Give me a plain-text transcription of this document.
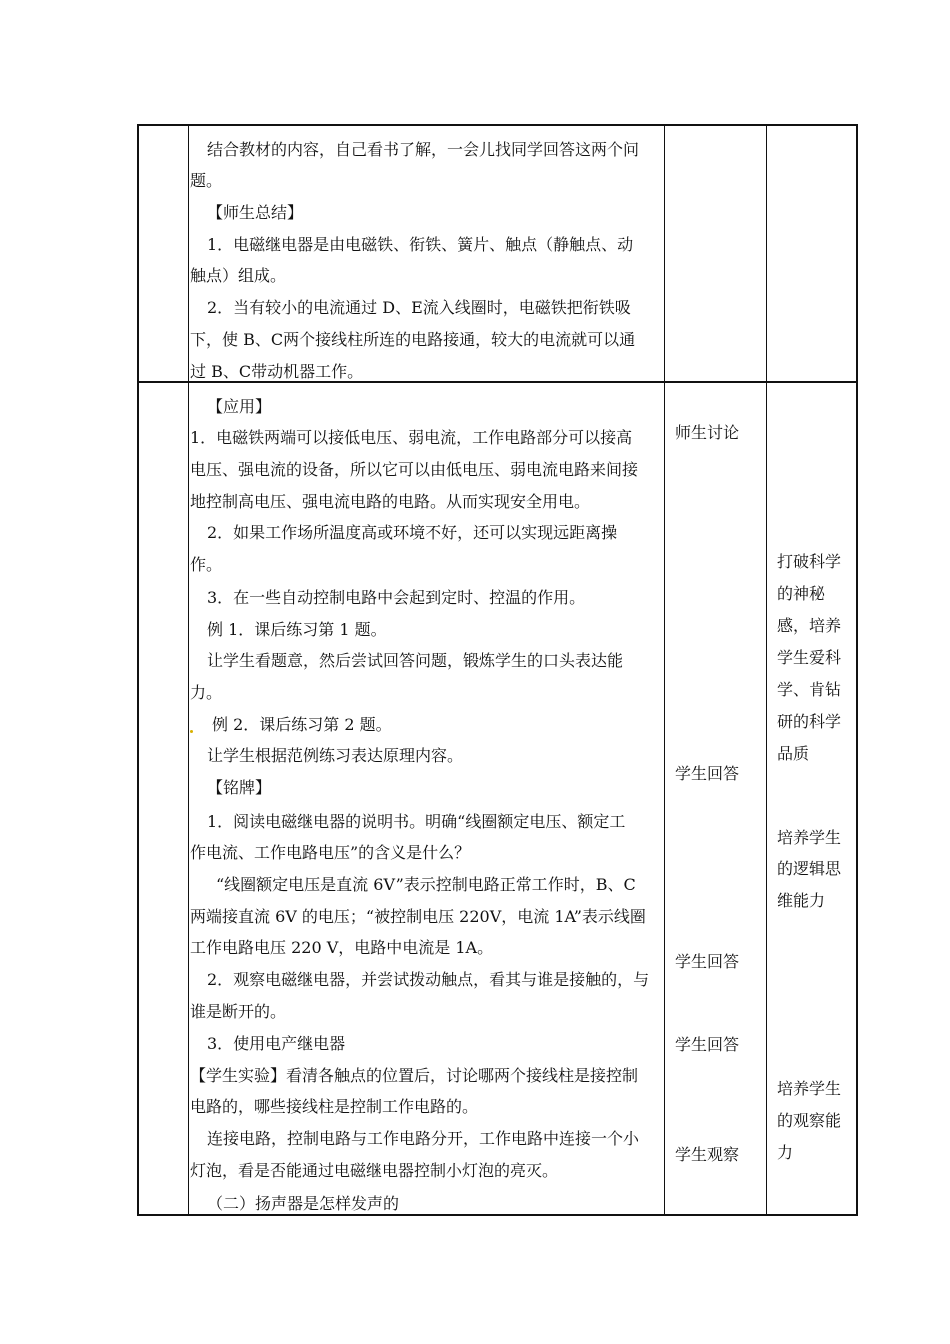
结合教材的内容，自己看书了解，一会儿找同学回答这两个问
题。
【师生总结】
1．电磁继电器是由电磁铁、衔铁、簧片、触点（静触点、动
触点）组成。
2．当有较小的电流通过 D、E流入线圈时，电磁铁把衔铁吸
下，使 B、C两个接线柱所连的电路接通，较大的电流就可以通
过 B、C带动机器工作。
【应用】
1．电磁铁两端可以接低电压、弱电流，工作电路部分可以接高
电压、强电流的设备，所以它可以由低电压、弱电流电路来间接
地控制高电压、强电流电路的电路。从而实现安全用电。
2．如果工作场所温度高或环境不好，还可以实现远距离操
作。
3．在一些自动控制电路中会起到定时、控温的作用。
例 1．课后练习第 1 题。
让学生看题意，然后尝试回答问题，锻炼学生的口头表达能
力。
例 2．课后练习第 2 题。
让学生根据范例练习表达原理内容。
【铭牌】
1．阅读电磁继电器的说明书。明确“线圈额定电压、额定工
作电流、工作电路电压”的含义是什么？
“线圈额定电压是直流 6V”表示控制电路正常工作时，B、C
两端接直流 6V 的电压；“被控制电压 220V，电流 1A”表示线圈
工作电路电压 220 V，电路中电流是 1A。
2．观察电磁继电器，并尝试拨动触点，看其与谁是接触的，与
谁是断开的。
3．使用电产继电器
【学生实验】看清各触点的位置后，讨论哪两个接线柱是接控制
电路的，哪些接线柱是控制工作电路的。
连接电路，控制电路与工作电路分开，工作电路中连接一个小
灯泡，看是否能通过电磁继电器控制小灯泡的亮灭。
（二）扬声器是怎样发声的
师生讨论
学生回答
学生回答
学生回答
学生观察
打破科学
的神秘
感，培养
学生爱科
学、肯钻
研的科学
品质
培养学生
的逻辑思
维能力
培养学生
的观察能
力
